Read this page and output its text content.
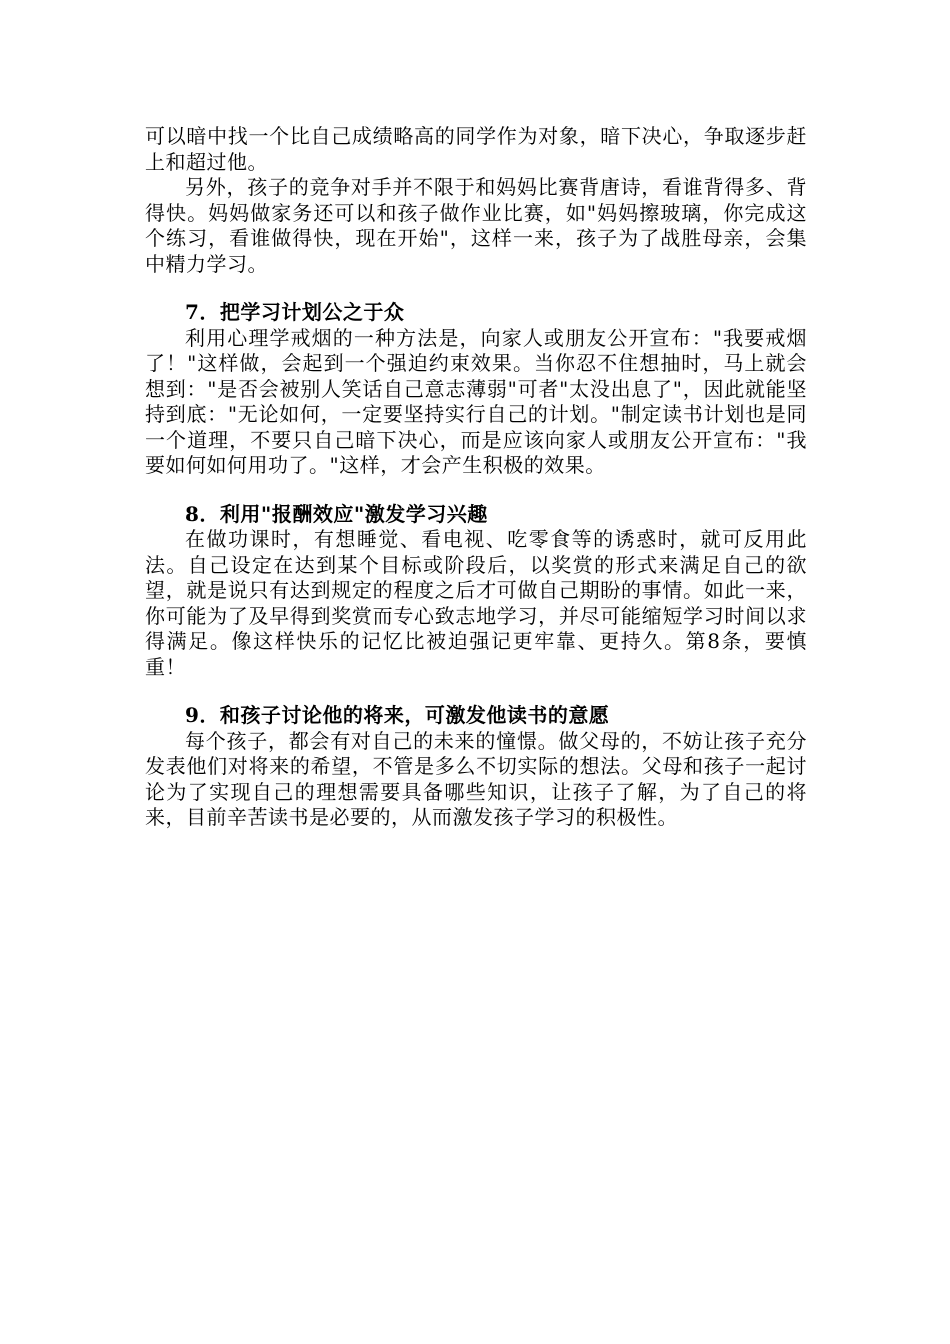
可以暗中找一个比自己成绩略高的同学作为对象，暗下决心，争取逐步赶上和超过他。

另外，孩子的竞争对手并不限于和妈妈比赛背唐诗，看谁背得多、背得快。妈妈做家务还可以和孩子做作业比赛，如"妈妈擦玻璃，你完成这个练习，看谁做得快，现在开始"，这样一来，孩子为了战胜母亲，会集中精力学习。

7．把学习计划公之于众

利用心理学戒烟的一种方法是，向家人或朋友公开宣布："我要戒烟了！"这样做，会起到一个强迫约束效果。当你忍不住想抽时，马上就会想到："是否会被别人笑话自己意志薄弱"可者"太没出息了"，因此就能坚持到底："无论如何，一定要坚持实行自己的计划。"制定读书计划也是同一个道理，不要只自己暗下决心，而是应该向家人或朋友公开宣布："我要如何如何用功了。"这样，才会产生积极的效果。

8．利用"报酬效应"激发学习兴趣

在做功课时，有想睡觉、看电视、吃零食等的诱惑时，就可反用此法。自己设定在达到某个目标或阶段后，以奖赏的形式来满足自己的欲望，就是说只有达到规定的程度之后才可做自己期盼的事情。如此一来，你可能为了及早得到奖赏而专心致志地学习，并尽可能缩短学习时间以求得满足。像这样快乐的记忆比被迫强记更牢靠、更持久。第8条，要慎重！

9．和孩子讨论他的将来，可激发他读书的意愿

每个孩子，都会有对自己的未来的憧憬。做父母的，不妨让孩子充分发表他们对将来的希望，不管是多么不切实际的想法。父母和孩子一起讨论为了实现自己的理想需要具备哪些知识，让孩子了解，为了自己的将来，目前辛苦读书是必要的，从而激发孩子学习的积极性。
